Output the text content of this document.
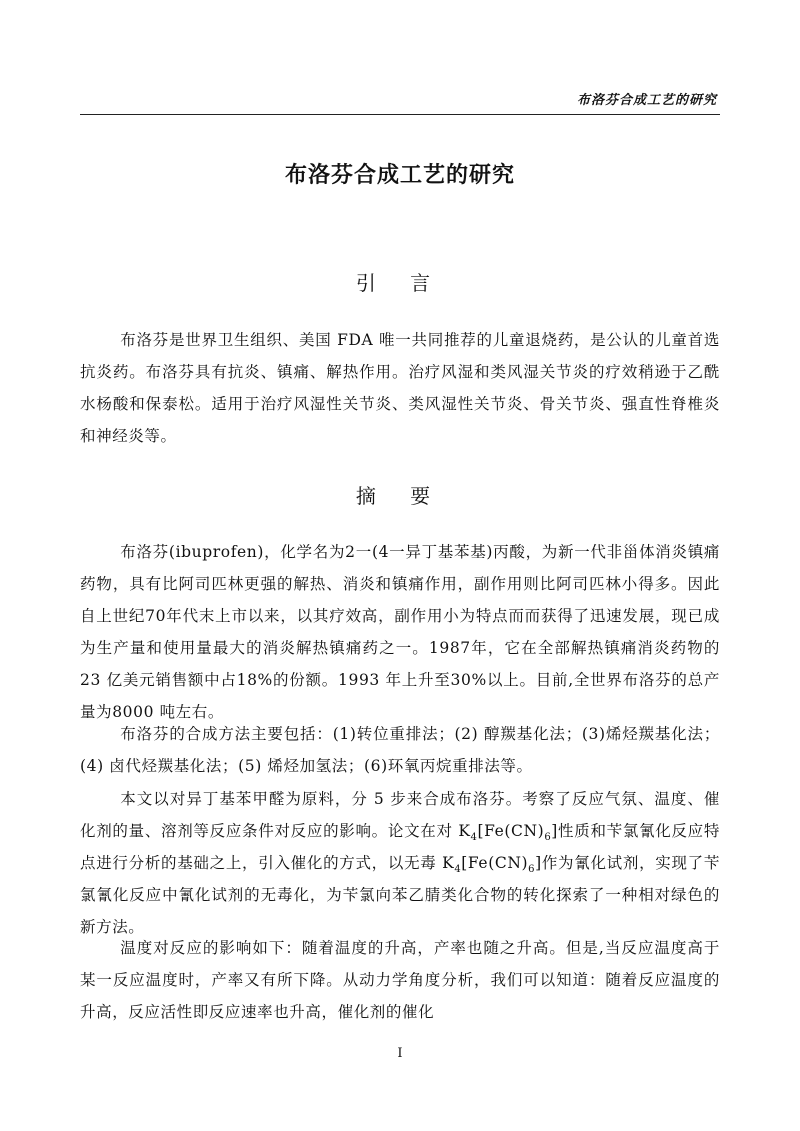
布洛芬合成工艺的研究
布洛芬合成工艺的研究
引 言

布洛芬是世界卫生组织、美国 FDA 唯一共同推荐的儿童退烧药，是公认的儿童首选抗炎药。布洛芬具有抗炎、镇痛、解热作用。治疗风湿和类风湿关节炎的疗效稍逊于乙酰水杨酸和保泰松。适用于治疗风湿性关节炎、类风湿性关节炎、骨关节炎、强直性脊椎炎和神经炎等。

摘 要

布洛芬(ibuprofen)，化学名为2一(4一异丁基苯基)丙酸，为新一代非甾体消炎镇痛药物，具有比阿司匹林更强的解热、消炎和镇痛作用，副作用则比阿司匹林小得多。因此自上世纪70年代末上市以来，以其疗效高，副作用小为特点而而获得了迅速发展，现已成为生产量和使用量最大的消炎解热镇痛药之一。1987年，它在全部解热镇痛消炎药物的23 亿美元销售额中占18%的份额。1993 年上升至30%以上。目前,全世界布洛芬的总产量为8000 吨左右。

布洛芬的合成方法主要包括：(1)转位重排法；(2) 醇羰基化法；(3)烯烃羰基化法；(4) 卤代烃羰基化法；(5) 烯烃加氢法；(6)环氧丙烷重排法等。

本文以对异丁基苯甲醛为原料，分 5 步来合成布洛芬。考察了反应气氛、温度、催化剂的量、溶剂等反应条件对反应的影响。论文在对 $K_4[Fe(CN)_6]$性质和苄氯氰化反应特点进行分析的基础之上，引入催化的方式，以无毒 $K_4[Fe(CN)_6]$作为氰化试剂，实现了苄氯氰化反应中氰化试剂的无毒化，为苄氯向苯乙腈类化合物的转化探索了一种相对绿色的新方法。

温度对反应的影响如下：随着温度的升高，产率也随之升高。但是,当反应温度高于某一反应温度时，产率又有所下降。从动力学角度分析，我们可以知道：随着反应温度的升高，反应活性即反应速率也升高，催化剂的催化

I
